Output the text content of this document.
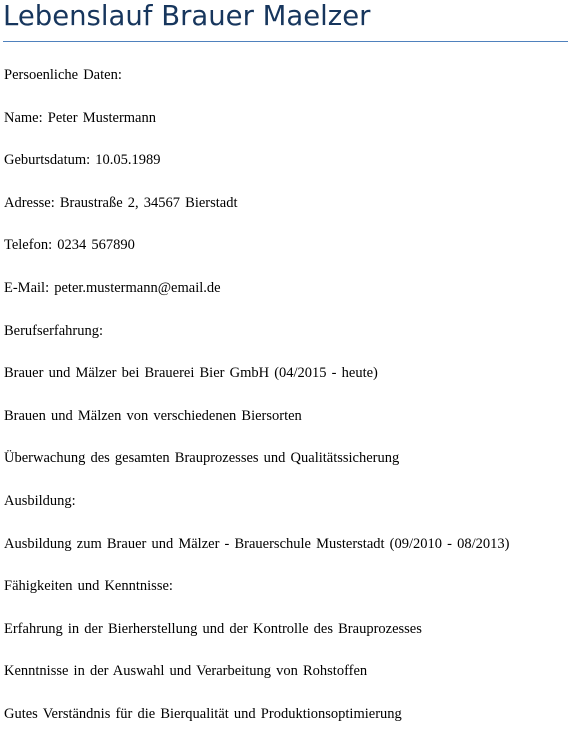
Lebenslauf Brauer Maelzer
Persoenliche Daten:
Name: Peter Mustermann
Geburtsdatum: 10.05.1989
Adresse: Braustraße 2, 34567 Bierstadt
Telefon: 0234 567890
E-Mail: peter.mustermann@email.de
Berufserfahrung:
Brauer und Mälzer bei Brauerei Bier GmbH (04/2015 - heute)
Brauen und Mälzen von verschiedenen Biersorten
Überwachung des gesamten Brauprozesses und Qualitätssicherung
Ausbildung:
Ausbildung zum Brauer und Mälzer - Brauerschule Musterstadt (09/2010 - 08/2013)
Fähigkeiten und Kenntnisse:
Erfahrung in der Bierherstellung und der Kontrolle des Brauprozesses
Kenntnisse in der Auswahl und Verarbeitung von Rohstoffen
Gutes Verständnis für die Bierqualität und Produktionsoptimierung
